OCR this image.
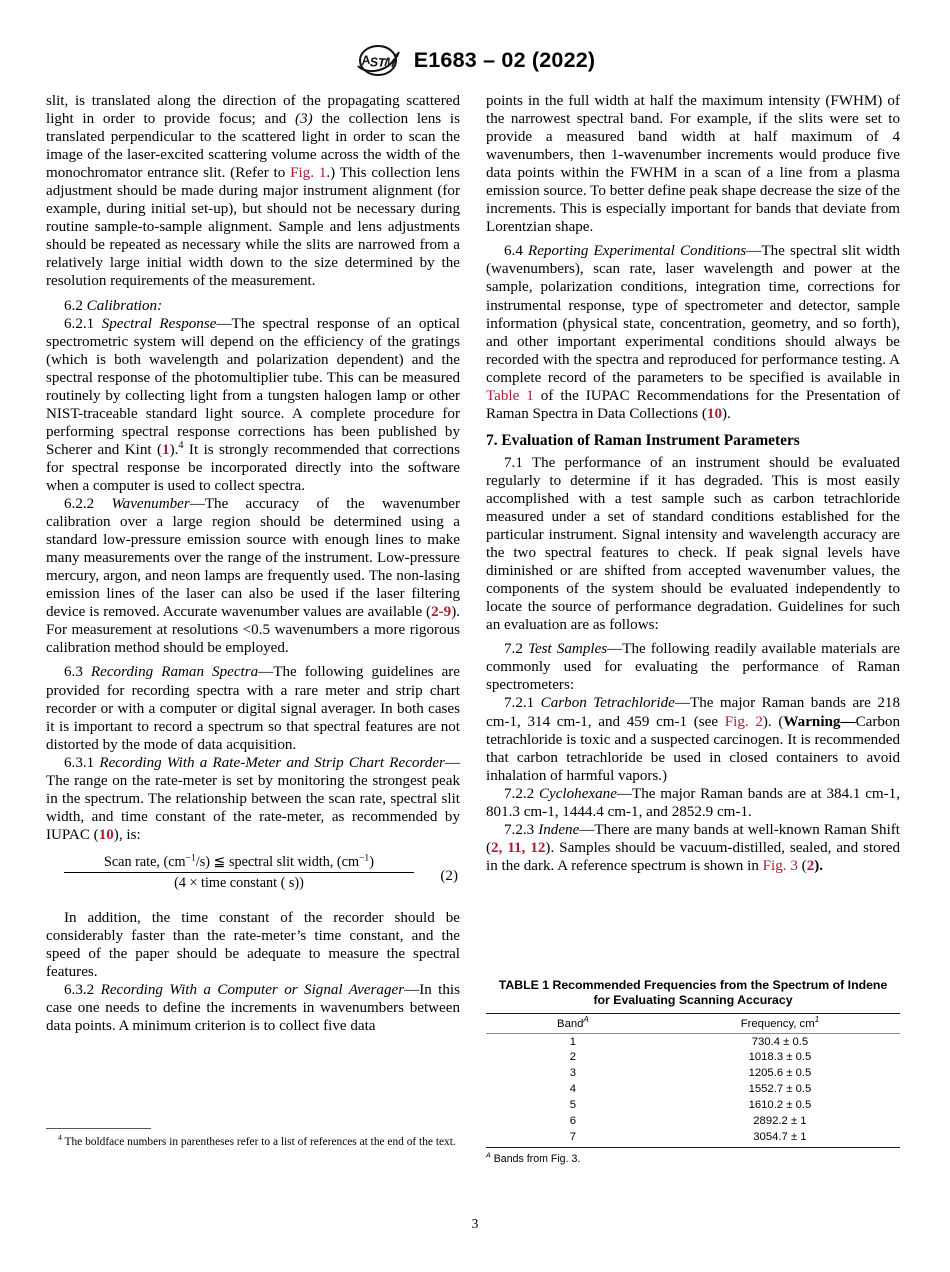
A
S
T
M E1683 – 02 (2022)

slit, is translated along the direction of the propagating scattered light in order to provide focus; and (3) the collection lens is translated perpendicular to the scattered light in order to scan the image of the laser-excited scattering volume across the width of the monochromator entrance slit. (Refer to Fig. 1.) This collection lens adjustment should be made during major instrument alignment (for example, during initial set-up), but should not be necessary during routine sample-to-sample alignment. Sample and lens adjustments should be repeated as necessary while the slits are narrowed from a relatively large initial width down to the size determined by the resolution requirements of the measurement.

6.2 Calibration:

6.2.1 Spectral Response—The spectral response of an optical spectrometric system will depend on the efficiency of the gratings (which is both wavelength and polarization dependent) and the spectral response of the photomultiplier tube. This can be measured routinely by collecting light from a tungsten halogen lamp or other NIST-traceable standard light source. A complete procedure for performing spectral response corrections has been published by Scherer and Kint (1).$^4$ It is strongly recommended that corrections for spectral response be incorporated directly into the software when a computer is used to collect spectra.

6.2.2 Wavenumber—The accuracy of the wavenumber calibration over a large region should be determined using a standard low-pressure emission source with enough lines to make many measurements over the range of the instrument. Low-pressure mercury, argon, and neon lamps are frequently used. The non-lasing emission lines of the laser can also be used if the laser filtering device is removed. Accurate wavenumber values are available (2-9). For measurement at resolutions <0.5 wavenumbers a more rigorous calibration method should be employed.

6.3 Recording Raman Spectra—The following guidelines are provided for recording spectra with a rare meter and strip chart recorder or with a computer or digital signal averager. In both cases it is important to record a spectrum so that spectral features are not distorted by the mode of data acquisition.

6.3.1 Recording With a Rate-Meter and Strip Chart Recorder—The range on the rate-meter is set by monitoring the strongest peak in the spectrum. The relationship between the scan rate, spectral slit width, and time constant of the rate-meter, as recommended by IUPAC (10), is:

Scan rate, $(cm^{-1}/s)$ ≦ spectral slit width, $(cm^{-1})$
(4 × time constant ( s))	(2)

In addition, the time constant of the recorder should be considerably faster than the rate-meter’s time constant, and the speed of the paper should be adequate to measure the spectral features.

6.3.2 Recording With a Computer or Signal Averager—In this case one needs to define the increments in wavenumbers between data points. A minimum criterion is to collect five data

$^4$ The boldface numbers in parentheses refer to a list of references at the end of the text.

points in the full width at half the maximum intensity (FWHM) of the narrowest spectral band. For example, if the slits were set to provide a measured band width at half maximum of 4 wavenumbers, then 1-wavenumber increments would produce five data points within the FWHM in a scan of a line from a plasma emission source. To better define peak shape decrease the size of the increments. This is especially important for bands that deviate from Lorentzian shape.

6.4 Reporting Experimental Conditions—The spectral slit width (wavenumbers), scan rate, laser wavelength and power at the sample, polarization conditions, integration time, corrections for instrumental response, type of spectrometer and detector, sample information (physical state, concentration, geometry, and so forth), and other important experimental conditions should always be recorded with the spectra and reproduced for performance testing. A complete record of the parameters to be specified is available in Table 1 of the IUPAC Recommendations for the Presentation of Raman Spectra in Data Collections (10).

7. Evaluation of Raman Instrument Parameters

7.1 The performance of an instrument should be evaluated regularly to determine if it has degraded. This is most easily accomplished with a test sample such as carbon tetrachloride measured under a set of standard conditions established for the particular instrument. Signal intensity and wavelength accuracy are the two spectral features to check. If peak signal levels have diminished or are shifted from accepted wavenumber values, the components of the system should be evaluated independently to locate the source of performance degradation. Guidelines for such an evaluation are as follows:

7.2 Test Samples—The following readily available materials are commonly used for evaluating the performance of Raman spectrometers:

7.2.1 Carbon Tetrachloride—The major Raman bands are 218 cm-1, 314 cm-1, and 459 cm-1 (see Fig. 2). (Warning—Carbon tetrachloride is toxic and a suspected carcinogen. It is recommended that carbon tetrachloride be used in closed containers to avoid inhalation of harmful vapors.)

7.2.2 Cyclohexane—The major Raman bands are at 384.1 cm-1, 801.3 cm-1, 1444.4 cm-1, and 2852.9 cm-1.

7.2.3 Indene—There are many bands at well-known Raman Shift (2, 11, 12). Samples should be vacuum-distilled, sealed, and stored in the dark. A reference spectrum is shown in Fig. 3 (2).

TABLE 1 Recommended Frequencies from the Spectrum of Indene for Evaluating Scanning Accuracy
Band$^A$	Frequency, $cm^1$
1	730.4 ± 0.5
2	1018.3 ± 0.5
3	1205.6 ± 0.5
4	1552.7 ± 0.5
5	1610.2 ± 0.5
6	2892.2 ± 1
7	3054.7 ± 1

$^A$ Bands from Fig. 3.

3
